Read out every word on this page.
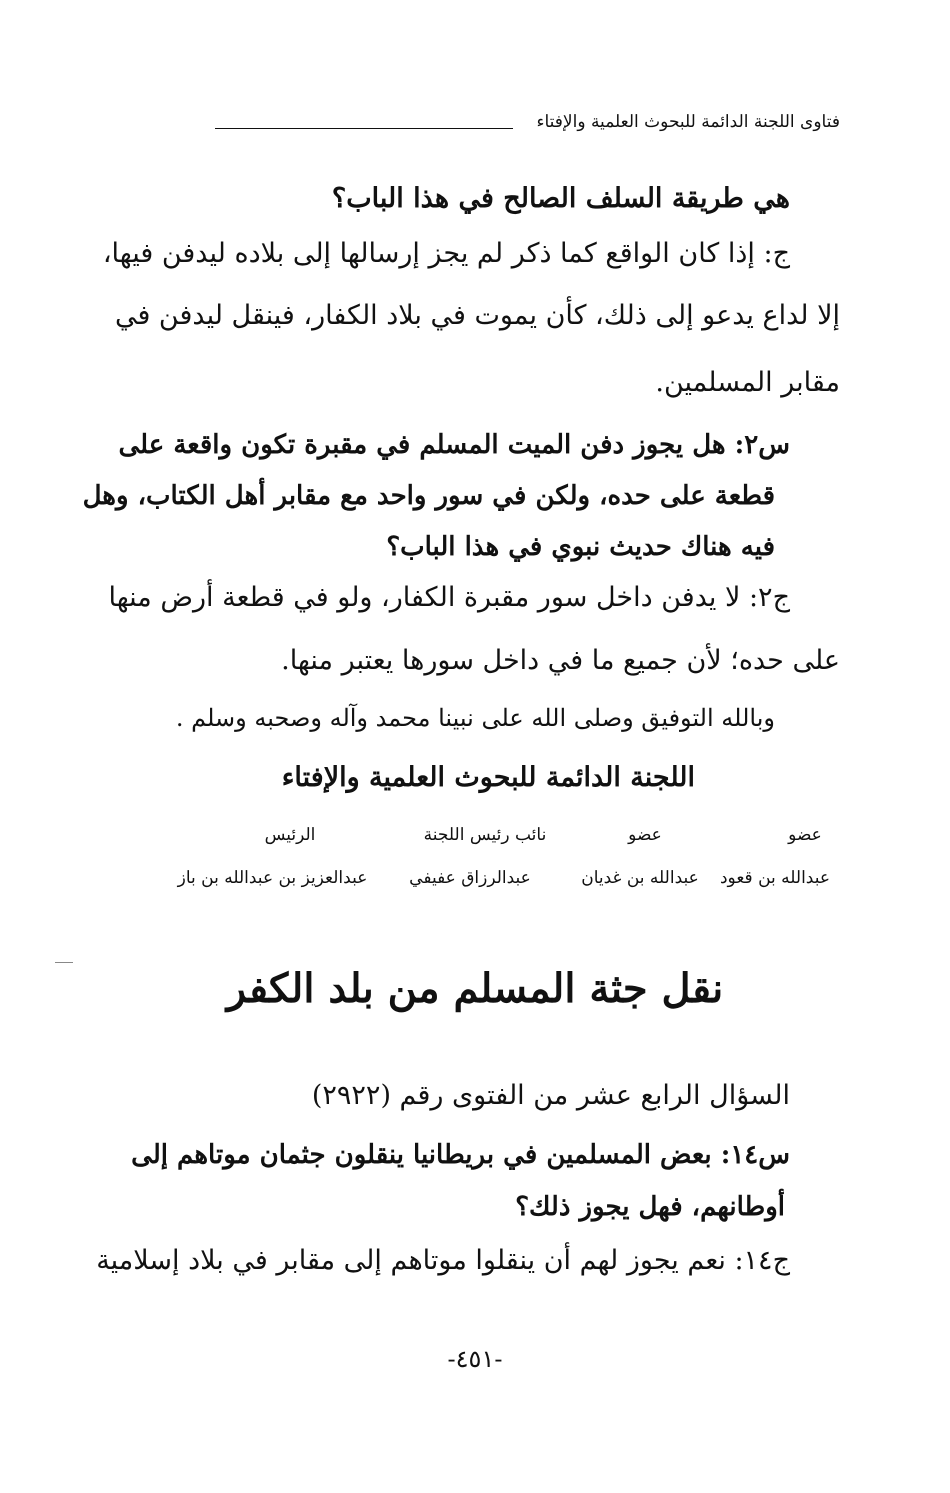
فتاوى اللجنة الدائمة للبحوث العلمية والإفتاء
هي طريقة السلف الصالح في هذا الباب؟
ج: إذا كان الواقع كما ذكر لم يجز إرسالها إلى بلاده ليدفن فيها،
إلا لداع يدعو إلى ذلك، كأن يموت في بلاد الكفار، فينقل ليدفن في
مقابر المسلمين.
س٢: هل يجوز دفن الميت المسلم في مقبرة تكون واقعة على
قطعة على حده، ولكن في سور واحد مع مقابر أهل الكتاب، وهل
فيه هناك حديث نبوي في هذا الباب؟
ج٢: لا يدفن داخل سور مقبرة الكفار، ولو في قطعة أرض منها
على حده؛ لأن جميع ما في داخل سورها يعتبر منها.
وبالله التوفيق وصلى الله على نبينا محمد وآله وصحبه وسلم .
اللجنة الدائمة للبحوث العلمية والإفتاء
عضو
عضو
نائب رئيس اللجنة
الرئيس
عبدالله بن قعود
عبدالله بن غديان
عبدالرزاق عفيفي
عبدالعزيز بن عبدالله بن باز
نقل جثة المسلم من بلد الكفر
السؤال الرابع عشر من الفتوى رقم (٢٩٢٢)
س١٤: بعض المسلمين في بريطانيا ينقلون جثمان موتاهم إلى
أوطانهم، فهل يجوز ذلك؟
ج١٤: نعم يجوز لهم أن ينقلوا موتاهم إلى مقابر في بلاد إسلامية
-٤٥١-
